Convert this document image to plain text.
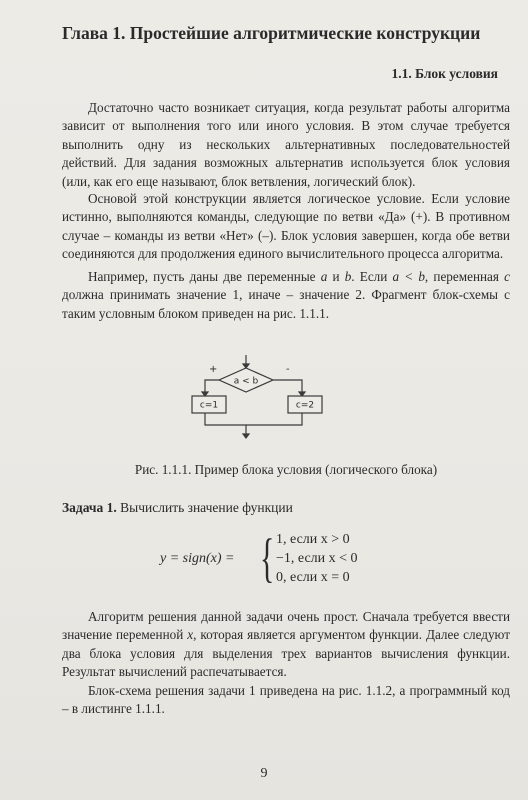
Глава 1. Простейшие алгоритмические конструкции
1.1. Блок условия

Достаточно часто возникает ситуация, когда результат работы алгоритма зависит от выполнения того или иного условия. В этом случае требуется выполнить одну из нескольких альтернативных последовательностей действий. Для задания возможных альтернатив используется блок условия (или, как его еще называют, блок ветвления, логический блок).

Основой этой конструкции является логическое условие. Если условие истинно, выполняются команды, следующие по ветви «Да» (+). В противном случае – команды из ветви «Нет» (–). Блок условия завершен, когда обе ветви соединяются для продолжения единого вычислительного процесса алгоритма.

Например, пусть даны две переменные a и b. Если a < b, переменная c должна принимать значение 1, иначе – значение 2. Фрагмент блок-схемы с таким условным блоком приведен на рис. 1.1.1.

a < b
+	-
c=1	c=2
Рис. 1.1.1. Пример блока условия (логического блока)
Задача 1. Вычислить значение функции
y = sign(x) = { 1, если x > 0
−1, если x < 0
0, если x = 0

Алгоритм решения данной задачи очень прост. Сначала требуется ввести значение переменной x, которая является аргументом функции. Далее следуют два блока условия для выделения трех вариантов вычисления функции. Результат вычислений распечатывается.

Блок-схема решения задачи 1 приведена на рис. 1.1.2, а программный код – в листинге 1.1.1.

9
